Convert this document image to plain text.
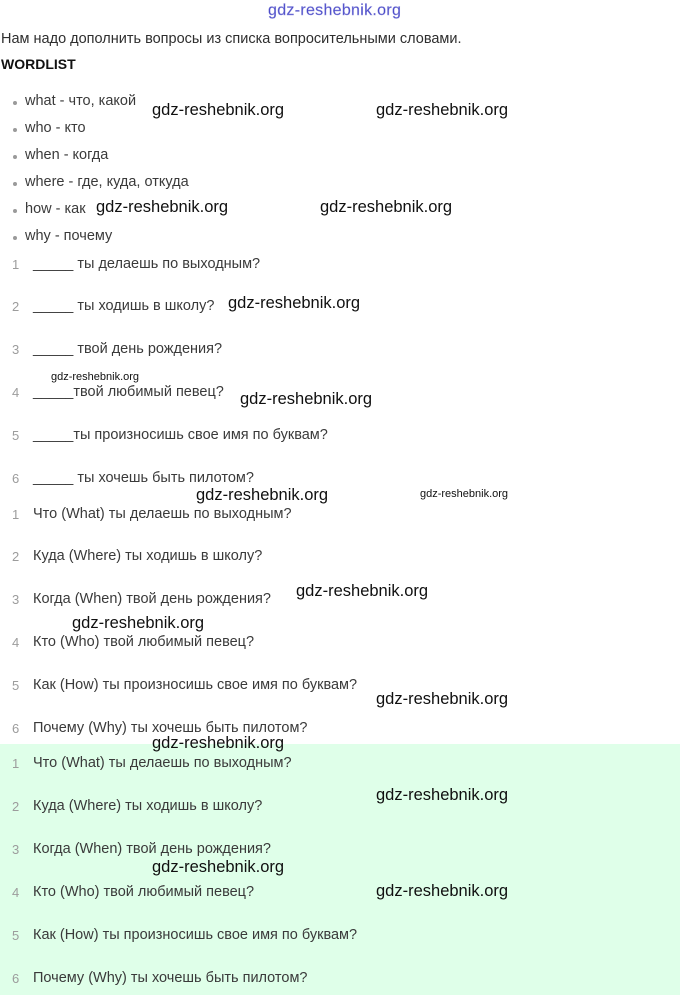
gdz-reshebnik.org
Нам надо дополнить вопросы из списка вопросительными словами.
WORDLIST
what - что, какой
who - кто
when - когда
where - где, куда, откуда
how - как
why - почему
1 _____ ты делаешь по выходным?
2 _____ ты ходишь в школу?
3 _____ твой день рождения?
4 _____твой любимый певец?
5 _____ты произносишь свое имя по буквам?
6 _____ ты хочешь быть пилотом?
1 Что (What) ты делаешь по выходным?
2 Куда (Where) ты ходишь в школу?
3 Когда (When) твой день рождения?
4 Кто (Who) твой любимый певец?
5 Как (How) ты произносишь свое имя по буквам?
6 Почему (Why) ты хочешь быть пилотом?
1 Что (What) ты делаешь по выходным?
2 Куда (Where) ты ходишь в школу?
3 Когда (When) твой день рождения?
4 Кто (Who) твой любимый певец?
5 Как (How) ты произносишь свое имя по буквам?
6 Почему (Why) ты хочешь быть пилотом?
gdz-reshebnik.org	gdz-reshebnik.org
gdz-reshebnik.org	gdz-reshebnik.org
gdz-reshebnik.org
gdz-reshebnik.org
gdz-reshebnik.org
gdz-reshebnik.org	gdz-reshebnik.org
gdz-reshebnik.org
gdz-reshebnik.org
gdz-reshebnik.org
gdz-reshebnik.org
gdz-reshebnik.org
gdz-reshebnik.org
gdz-reshebnik.org
